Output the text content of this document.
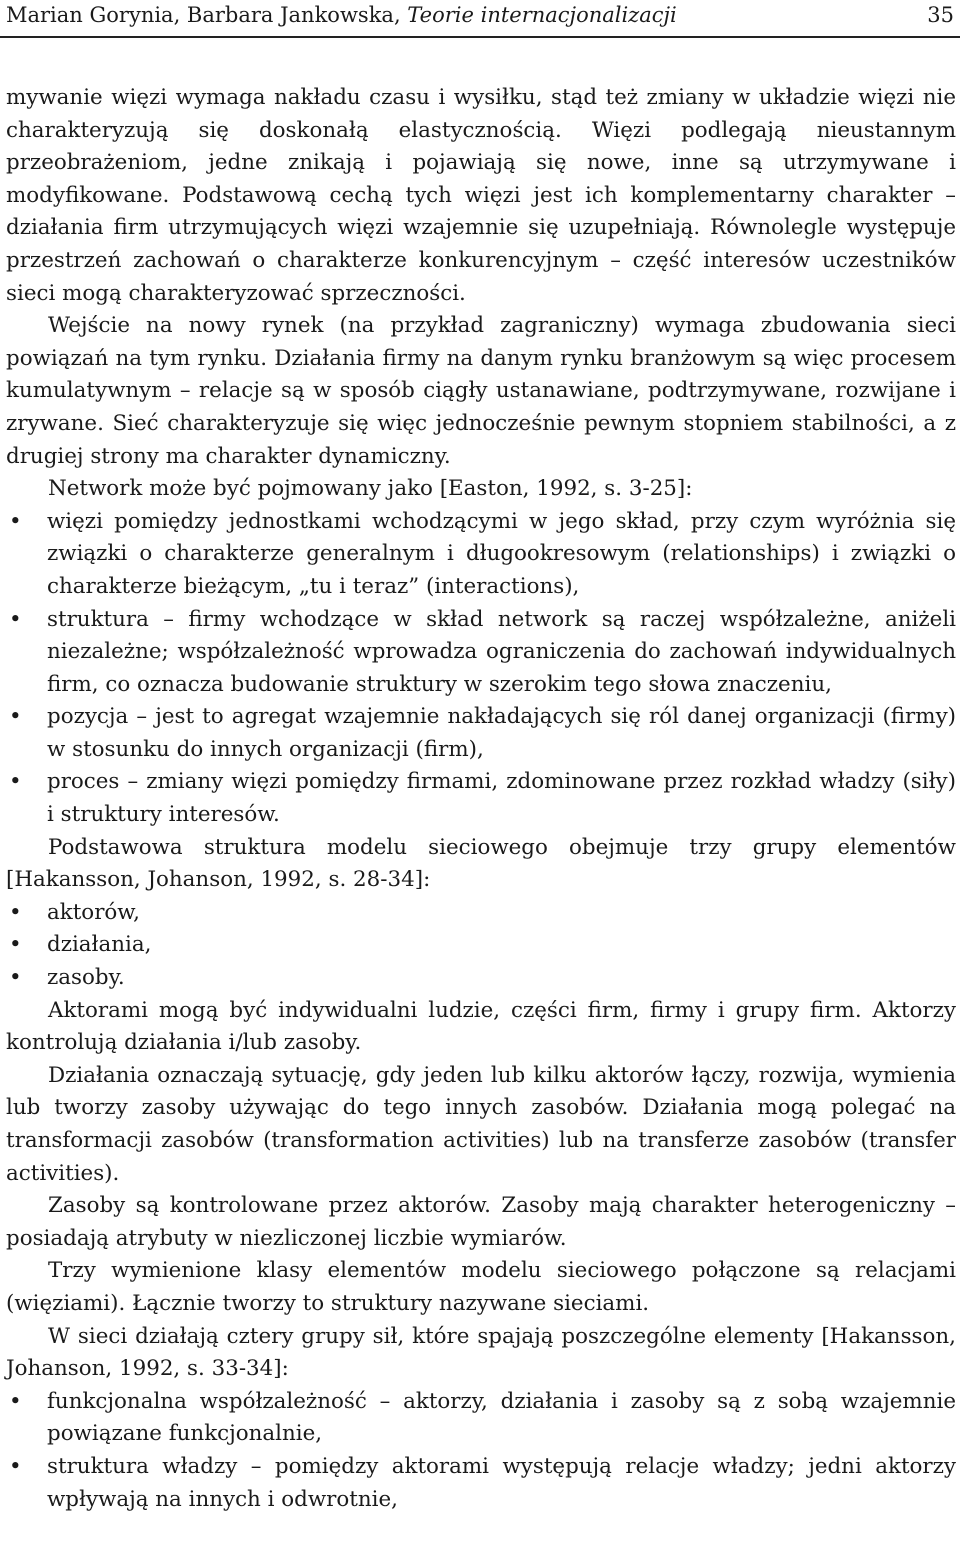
Marian Gorynia, Barbara Jankowska, Teorie internacjonalizacji	35

mywanie więzi wymaga nakładu czasu i wysiłku, stąd też zmiany w układzie więzi nie charakteryzują się doskonałą elastycznością. Więzi podlegają nieustannym przeobrażeniom, jedne znikają i pojawiają się nowe, inne są utrzymywane i modyfikowane. Podstawową cechą tych więzi jest ich komplementarny charakter – działania firm utrzymujących więzi wzajemnie się uzupełniają. Równolegle występuje przestrzeń zachowań o charakterze konkurencyjnym – część interesów uczestników sieci mogą charakteryzować sprzeczności.

Wejście na nowy rynek (na przykład zagraniczny) wymaga zbudowania sieci powiązań na tym rynku. Działania firmy na danym rynku branżowym są więc procesem kumulatywnym – relacje są w sposób ciągły ustanawiane, podtrzymywane, rozwijane i zrywane. Sieć charakteryzuje się więc jednocześnie pewnym stopniem stabilności, a z drugiej strony ma charakter dynamiczny.

Network może być pojmowany jako [Easton, 1992, s. 3-25]:

• więzi pomiędzy jednostkami wchodzącymi w jego skład, przy czym wyróżnia się związki o charakterze generalnym i długookresowym (relationships) i związki o charakterze bieżącym, „tu i teraz” (interactions),
• struktura – firmy wchodzące w skład network są raczej współzależne, aniżeli niezależne; współzależność wprowadza ograniczenia do zachowań indywidualnych firm, co oznacza budowanie struktury w szerokim tego słowa znaczeniu,
• pozycja – jest to agregat wzajemnie nakładających się ról danej organizacji (firmy) w stosunku do innych organizacji (firm),
• proces – zmiany więzi pomiędzy firmami, zdominowane przez rozkład władzy (siły) i struktury interesów.

Podstawowa struktura modelu sieciowego obejmuje trzy grupy elementów [Hakansson, Johanson, 1992, s. 28-34]:

• aktorów,
• działania,
• zasoby.

Aktorami mogą być indywidualni ludzie, części firm, firmy i grupy firm. Aktorzy kontrolują działania i/lub zasoby.

Działania oznaczają sytuację, gdy jeden lub kilku aktorów łączy, rozwija, wymienia lub tworzy zasoby używając do tego innych zasobów. Działania mogą polegać na transformacji zasobów (transformation activities) lub na transferze zasobów (transfer activities).

Zasoby są kontrolowane przez aktorów. Zasoby mają charakter heterogeniczny – posiadają atrybuty w niezliczonej liczbie wymiarów.

Trzy wymienione klasy elementów modelu sieciowego połączone są relacjami (więziami). Łącznie tworzy to struktury nazywane sieciami.

W sieci działają cztery grupy sił, które spajają poszczególne elementy [Hakansson, Johanson, 1992, s. 33-34]:

• funkcjonalna współzależność – aktorzy, działania i zasoby są z sobą wzajemnie powiązane funkcjonalnie,
• struktura władzy – pomiędzy aktorami występują relacje władzy; jedni aktorzy wpływają na innych i odwrotnie,
